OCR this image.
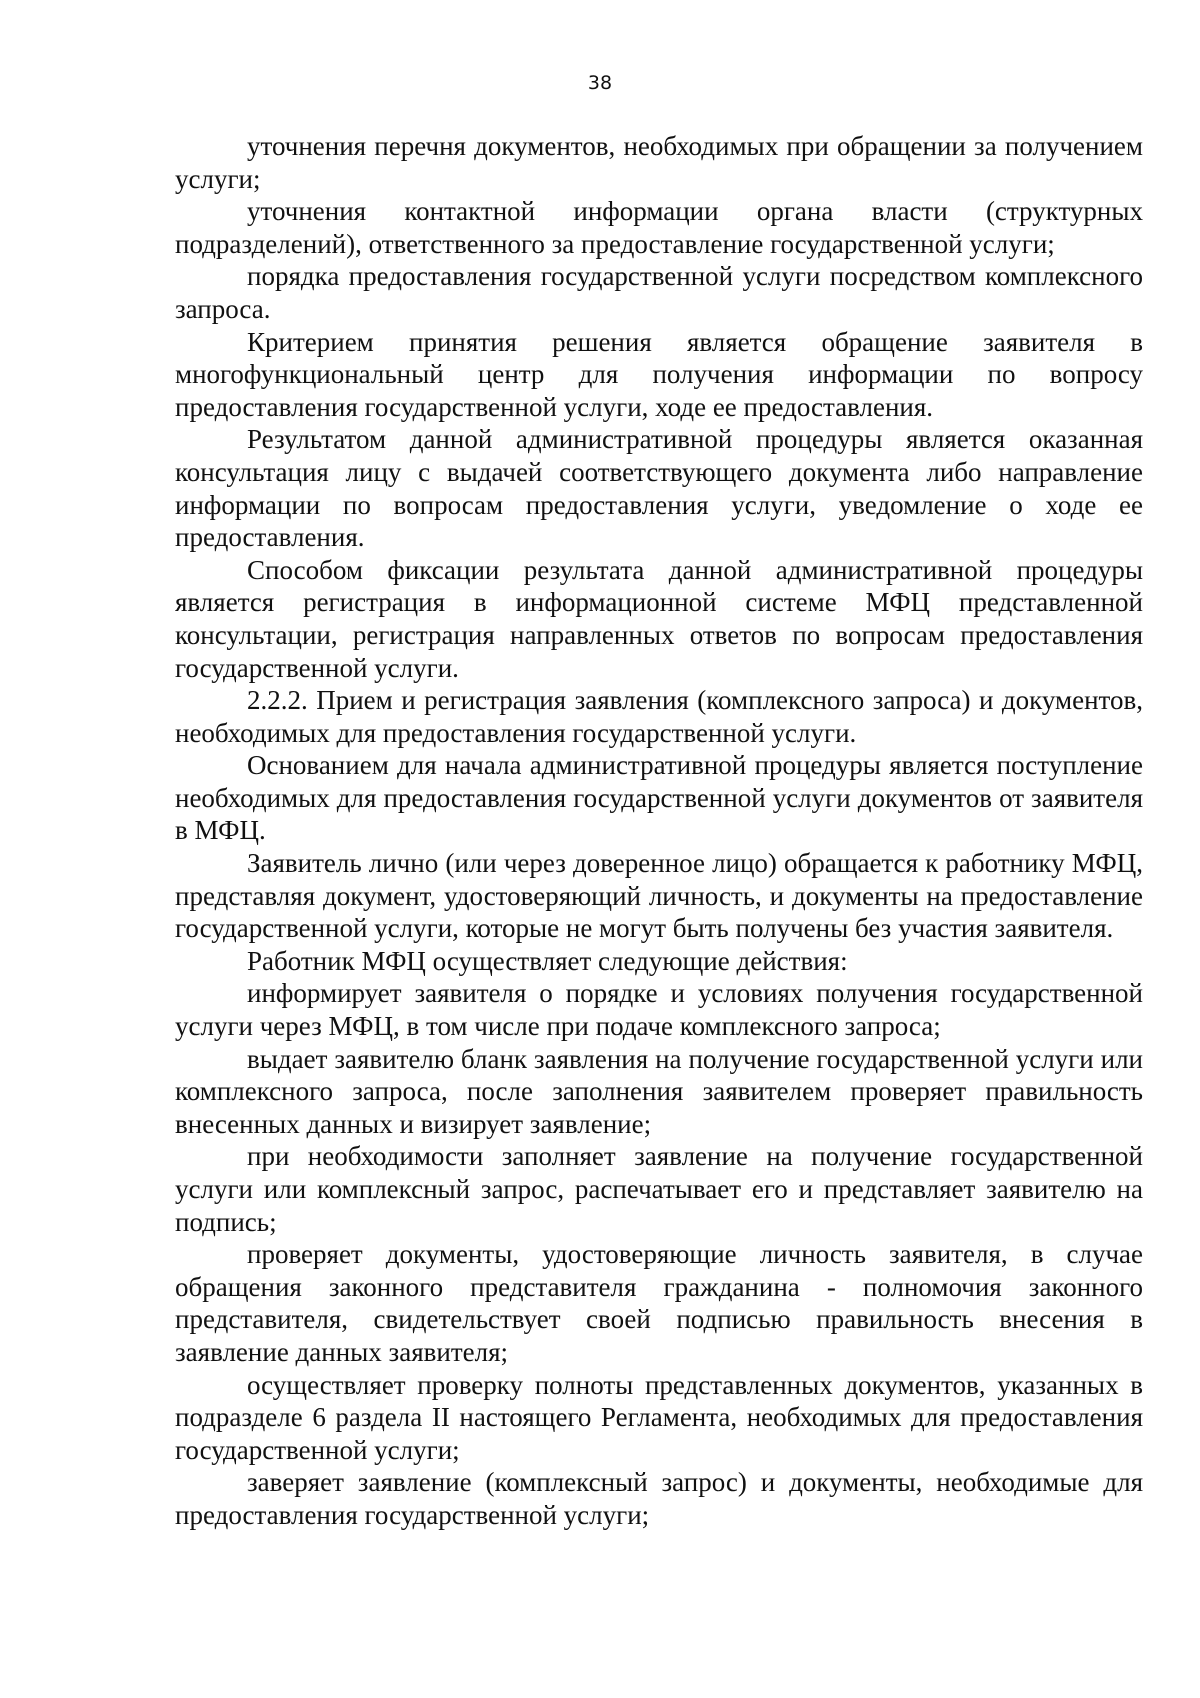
38

уточнения перечня документов, необходимых при обращении за получением услуги;

уточнения контактной информации органа власти (структурных подразделений), ответственного за предоставление государственной услуги;

порядка предоставления государственной услуги посредством комплексного запроса.

Критерием принятия решения является обращение заявителя в многофункциональный центр для получения информации по вопросу предоставления государственной услуги, ходе ее предоставления.

Результатом данной административной процедуры является оказанная консультация лицу с выдачей соответствующего документа либо направление информации по вопросам предоставления услуги, уведомление о ходе ее предоставления.

Способом фиксации результата данной административной процедуры является регистрация в информационной системе МФЦ представленной консультации, регистрация направленных ответов по вопросам предоставления государственной услуги.

2.2.2. Прием и регистрация заявления (комплексного запроса) и документов, необходимых для предоставления государственной услуги.

Основанием для начала административной процедуры является поступление необходимых для предоставления государственной услуги документов от заявителя в МФЦ.

Заявитель лично (или через доверенное лицо) обращается к работнику МФЦ, представляя документ, удостоверяющий личность, и документы на предоставление государственной услуги, которые не могут быть получены без участия заявителя.

Работник МФЦ осуществляет следующие действия:

информирует заявителя о порядке и условиях получения государственной услуги через МФЦ, в том числе при подаче комплексного запроса;

выдает заявителю бланк заявления на получение государственной услуги или комплексного запроса, после заполнения заявителем проверяет правильность внесенных данных и визирует заявление;

при необходимости заполняет заявление на получение государственной услуги или комплексный запрос, распечатывает его и представляет заявителю на подпись;

проверяет документы, удостоверяющие личность заявителя, в случае обращения законного представителя гражданина - полномочия законного представителя, свидетельствует своей подписью правильность внесения в заявление данных заявителя;

осуществляет проверку полноты представленных документов, указанных в подразделе 6 раздела II настоящего Регламента, необходимых для предоставления государственной услуги;

заверяет заявление (комплексный запрос) и документы, необходимые для предоставления государственной услуги;
